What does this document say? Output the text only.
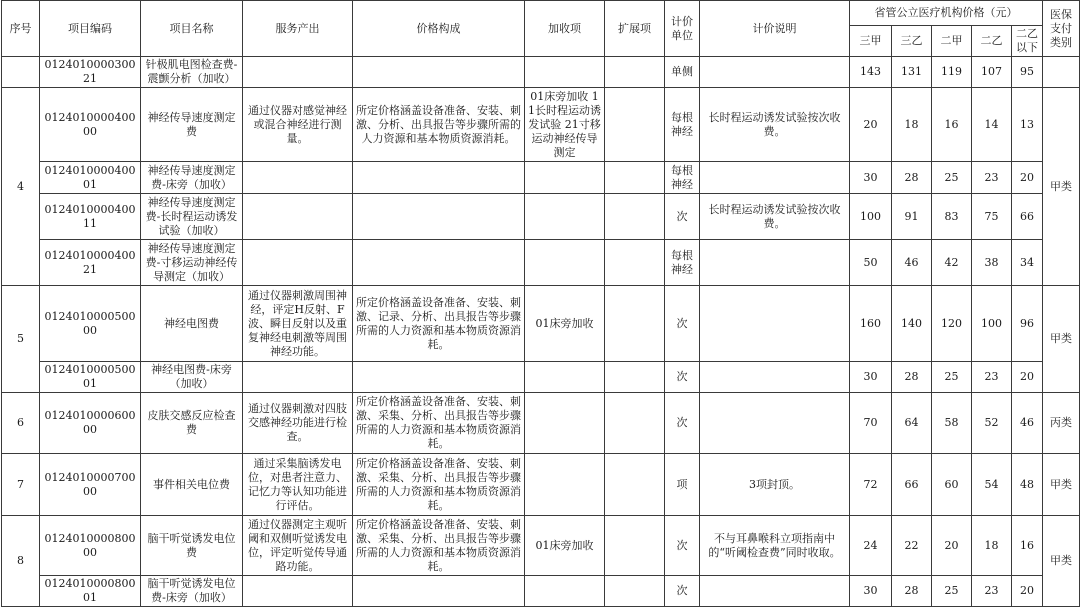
序号	项目编码	项目名称	服务产出	价格构成	加收项	扩展项	计价单位	计价说明	省管公立医疗机构价格（元）					医保支付类别
									三甲	三乙	二甲	二乙	二乙以下	
	012401000030021	针极肌电图检查费-震颤分析（加收）					单侧		143	131	119	107	95	
4	012401000040000	神经传导速度测定费	通过仪器对感觉神经或混合神经进行测量。	所定价格涵盖设备准备、安装、刺激、分析、出具报告等步骤所需的人力资源和基本物质资源消耗。	01床旁加收 11长时程运动诱发试验 21寸移运动神经传导测定		每根神经	长时程运动诱发试验按次收费。	20	18	16	14	13	甲类
	012401000040001	神经传导速度测定费-床旁（加收）					每根神经		30	28	25	23	20	
	012401000040011	神经传导速度测定费-长时程运动诱发试验（加收）					次	长时程运动诱发试验按次收费。	100	91	83	75	66	
	012401000040021	神经传导速度测定费-寸移运动神经传导测定（加收）					每根神经		50	46	42	38	34	
5	012401000050000	神经电图费	通过仪器刺激周围神经，评定H反射、F波、瞬目反射以及重复神经电刺激等周围神经功能。	所定价格涵盖设备准备、安装、刺激、记录、分析、出具报告等步骤所需的人力资源和基本物质资源消耗。	01床旁加收		次		160	140	120	100	96	甲类
	012401000050001	神经电图费-床旁（加收）					次		30	28	25	23	20	
6	012401000060000	皮肤交感反应检查费	通过仪器刺激对四肢交感神经功能进行检查。	所定价格涵盖设备准备、安装、刺激、采集、分析、出具报告等步骤所需的人力资源和基本物质资源消耗。			次		70	64	58	52	46	丙类
7	012401000070000	事件相关电位费	通过采集脑诱发电位，对患者注意力、记忆力等认知功能进行评估。	所定价格涵盖设备准备、安装、刺激、采集、分析、出具报告等步骤所需的人力资源和基本物质资源消耗。			项	3项封顶。	72	66	60	54	48	甲类
8	012401000080000	脑干听觉诱发电位费	通过仪器测定主观听阈和双侧听觉诱发电位，评定听觉传导通路功能。	所定价格涵盖设备准备、安装、刺激、采集、分析、出具报告等步骤所需的人力资源和基本物质资源消耗。	01床旁加收		次	不与耳鼻喉科立项指南中的“听阈检查费”同时收取。	24	22	20	18	16	甲类
	012401000080001	脑干听觉诱发电位费-床旁（加收）					次		30	28	25	23	20	
